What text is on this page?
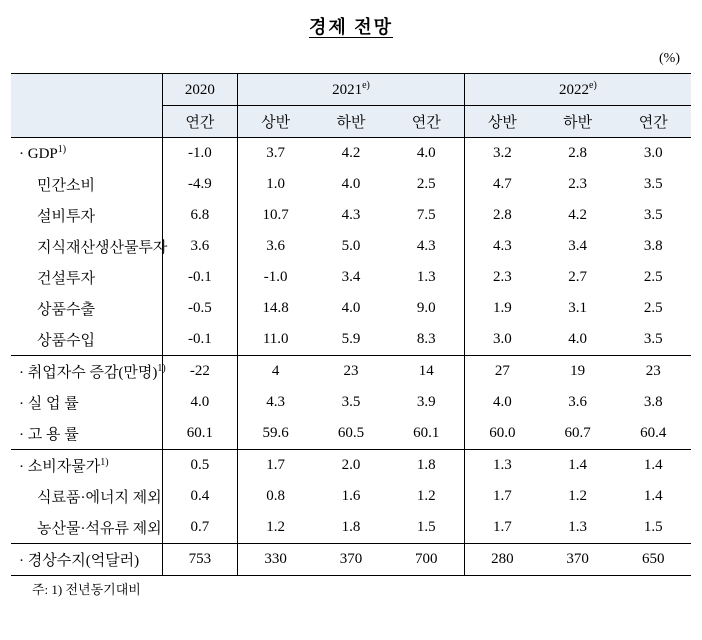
경제 전망
(%)
	2020	2021$^{e)}$			2022$^{e)}$
	연간	상반	하반	연간	상반	하반	연간
· $GDP^{1)}$	-1.0	3.7	4.2	4.0	3.2	2.8	3.0
민간소비	-4.9	1.0	4.0	2.5	4.7	2.3	3.5
설비투자	6.8	10.7	4.3	7.5	2.8	4.2	3.5
지식재산생산물투자	3.6	3.6	5.0	4.3	4.3	3.4	3.8
건설투자	-0.1	-1.0	3.4	1.3	2.3	2.7	2.5
상품수출	-0.5	14.8	4.0	9.0	1.9	3.1	2.5
상품수입	-0.1	11.0	5.9	8.3	3.0	4.0	3.5
· 취업자수 증감(만명)$^{1)}$	-22	4	23	14	27	19	23
· 실 업 률	4.0	4.3	3.5	3.9	4.0	3.6	3.8
· 고 용 률	60.1	59.6	60.5	60.1	60.0	60.7	60.4
· 소비자물가$^{1)}$	0.5	1.7	2.0	1.8	1.3	1.4	1.4
식료품·에너지 제외	0.4	0.8	1.6	1.2	1.7	1.2	1.4
농산물·석유류 제외	0.7	1.2	1.8	1.5	1.7	1.3	1.5
· 경상수지(억달러)	753	330	370	700	280	370	650
주: 1) 전년동기대비
